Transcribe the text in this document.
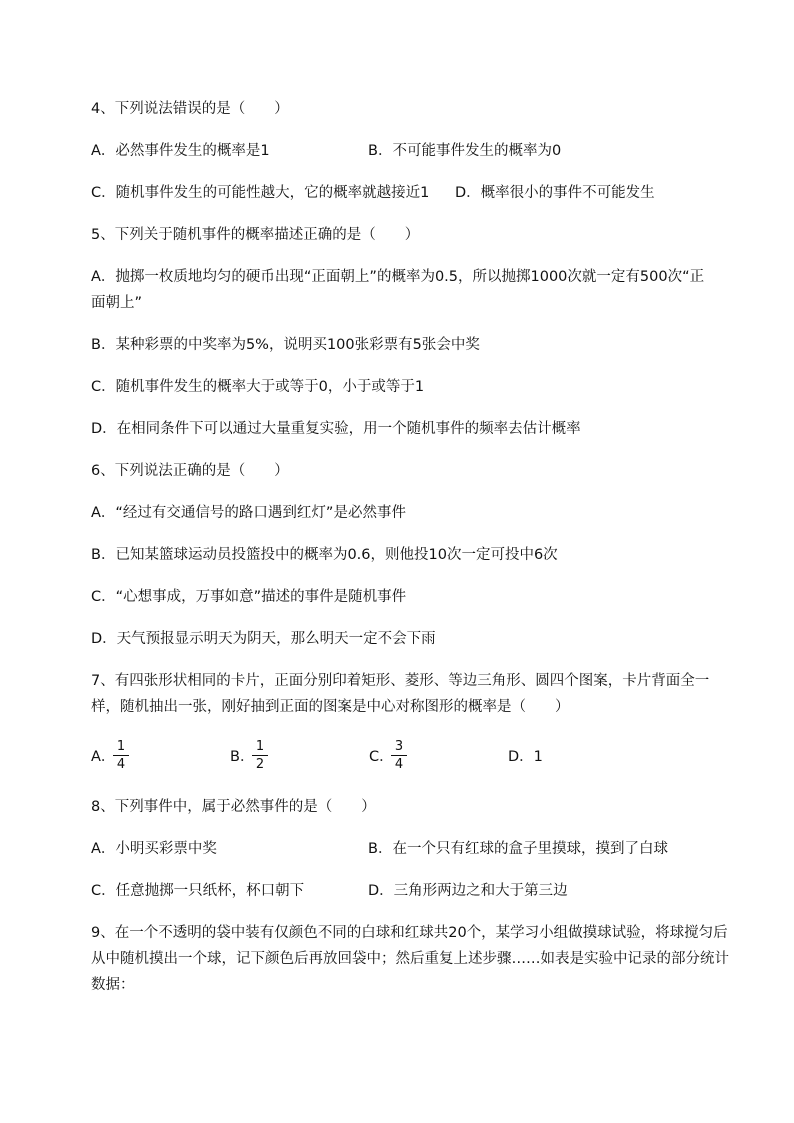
4、下列说法错误的是（　　）
A．必然事件发生的概率是1	B．不可能事件发生的概率为0
C．随机事件发生的可能性越大，它的概率就越接近1 D．概率很小的事件不可能发生
5、下列关于随机事件的概率描述正确的是（　　）
A．抛掷一枚质地均匀的硬币出现“正面朝上”的概率为0.5，所以抛掷1000次就一定有500次“正
面朝上”
B．某种彩票的中奖率为5%，说明买100张彩票有5张会中奖
C．随机事件发生的概率大于或等于0，小于或等于1
D．在相同条件下可以通过大量重复实验，用一个随机事件的频率去估计概率
6、下列说法正确的是（　　）
A．“经过有交通信号的路口遇到红灯”是必然事件
B．已知某篮球运动员投篮投中的概率为0.6，则他投10次一定可投中6次
C．“心想事成，万事如意”描述的事件是随机事件
D．天气预报显示明天为阴天，那么明天一定不会下雨
7、有四张形状相同的卡片，正面分别印着矩形、菱形、等边三角形、圆四个图案，卡片背面全一
样，随机抽出一张，刚好抽到正面的图案是中心对称图形的概率是（　　）
A．
1
4	B．
1
2	C．
3
4	D．1
8、下列事件中，属于必然事件的是（　　）
A．小明买彩票中奖	B．在一个只有红球的盒子里摸球，摸到了白球
C．任意抛掷一只纸杯，杯口朝下	D．三角形两边之和大于第三边
9、在一个不透明的袋中装有仅颜色不同的白球和红球共20个，某学习小组做摸球试验，将球搅匀后
从中随机摸出一个球，记下颜色后再放回袋中；然后重复上述步骤……如表是实验中记录的部分统计
数据：
